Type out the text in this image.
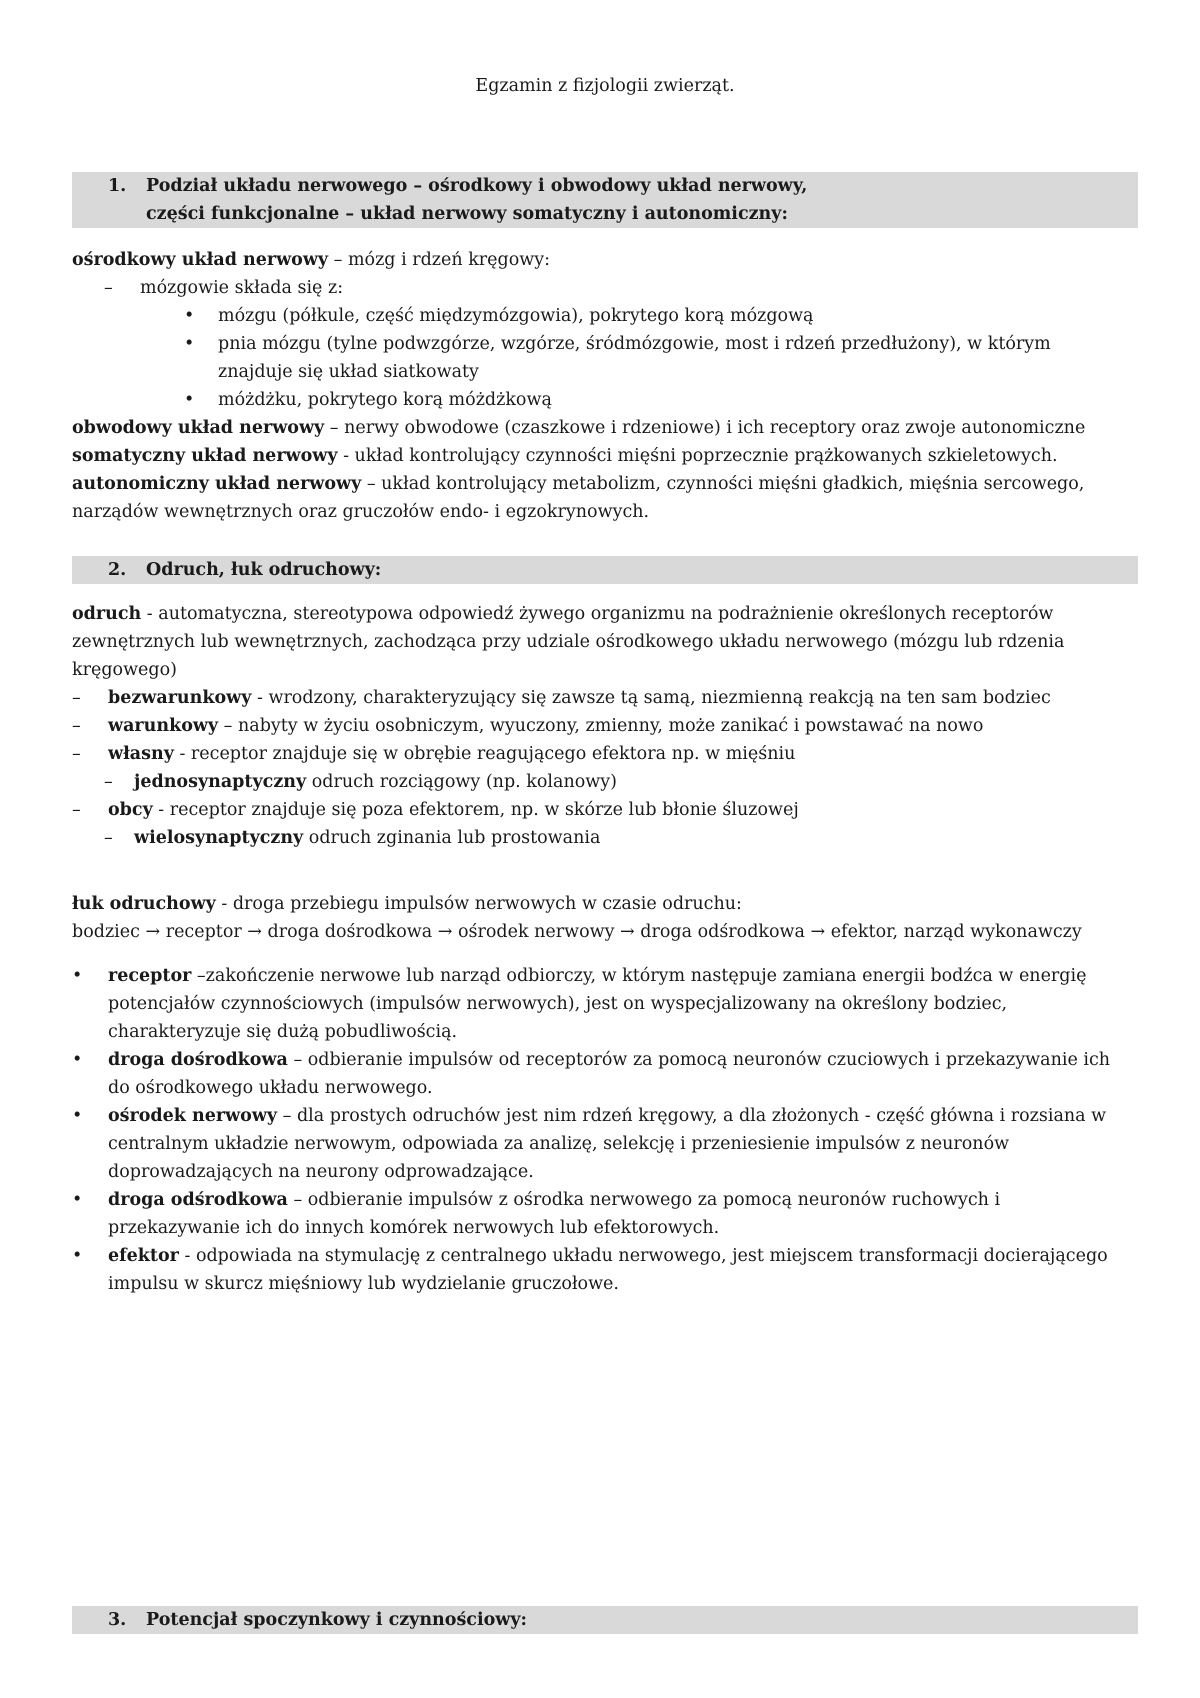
Egzamin z fizjologii zwierząt.
1. Podział układu nerwowego – ośrodkowy i obwodowy układ nerwowy,
części funkcjonalne – układ nerwowy somatyczny i autonomiczny:
ośrodkowy układ nerwowy – mózg i rdzeń kręgowy:
– mózgowie składa się z:
• mózgu (półkule, część międzymózgowia), pokrytego korą mózgową
• pnia mózgu (tylne podwzgórze, wzgórze, śródmózgowie, most i rdzeń przedłużony), w którym
znajduje się układ siatkowaty
• móżdżku, pokrytego korą móżdżkową
obwodowy układ nerwowy – nerwy obwodowe (czaszkowe i rdzeniowe) i ich receptory oraz zwoje autonomiczne
somatyczny układ nerwowy - układ kontrolujący czynności mięśni poprzecznie prążkowanych szkieletowych.
autonomiczny układ nerwowy – układ kontrolujący metabolizm, czynności mięśni gładkich, mięśnia sercowego,
narządów wewnętrznych oraz gruczołów endo- i egzokrynowych.
2. Odruch, łuk odruchowy:
odruch - automatyczna, stereotypowa odpowiedź żywego organizmu na podrażnienie określonych receptorów
zewnętrznych lub wewnętrznych, zachodząca przy udziale ośrodkowego układu nerwowego (mózgu lub rdzenia
kręgowego)
– bezwarunkowy - wrodzony, charakteryzujący się zawsze tą samą, niezmienną reakcją na ten sam bodziec
– warunkowy – nabyty w życiu osobniczym, wyuczony, zmienny, może zanikać i powstawać na nowo
– własny - receptor znajduje się w obrębie reagującego efektora np. w mięśniu
– jednosynaptyczny odruch rozciągowy (np. kolanowy)
– obcy - receptor znajduje się poza efektorem, np. w skórze lub błonie śluzowej
– wielosynaptyczny odruch zginania lub prostowania
łuk odruchowy - droga przebiegu impulsów nerwowych w czasie odruchu:
bodziec → receptor → droga dośrodkowa → ośrodek nerwowy → droga odśrodkowa → efektor, narząd wykonawczy
• receptor –zakończenie nerwowe lub narząd odbiorczy, w którym następuje zamiana energii bodźca w energię
potencjałów czynnościowych (impulsów nerwowych), jest on wyspecjalizowany na określony bodziec,
charakteryzuje się dużą pobudliwością.
• droga dośrodkowa – odbieranie impulsów od receptorów za pomocą neuronów czuciowych i przekazywanie ich
do ośrodkowego układu nerwowego.
• ośrodek nerwowy – dla prostych odruchów jest nim rdzeń kręgowy, a dla złożonych - część główna i rozsiana w
centralnym układzie nerwowym, odpowiada za analizę, selekcję i przeniesienie impulsów z neuronów
doprowadzających na neurony odprowadzające.
• droga odśrodkowa – odbieranie impulsów z ośrodka nerwowego za pomocą neuronów ruchowych i
przekazywanie ich do innych komórek nerwowych lub efektorowych.
• efektor - odpowiada na stymulację z centralnego układu nerwowego, jest miejscem transformacji docierającego
impulsu w skurcz mięśniowy lub wydzielanie gruczołowe.
3. Potencjał spoczynkowy i czynnościowy:
